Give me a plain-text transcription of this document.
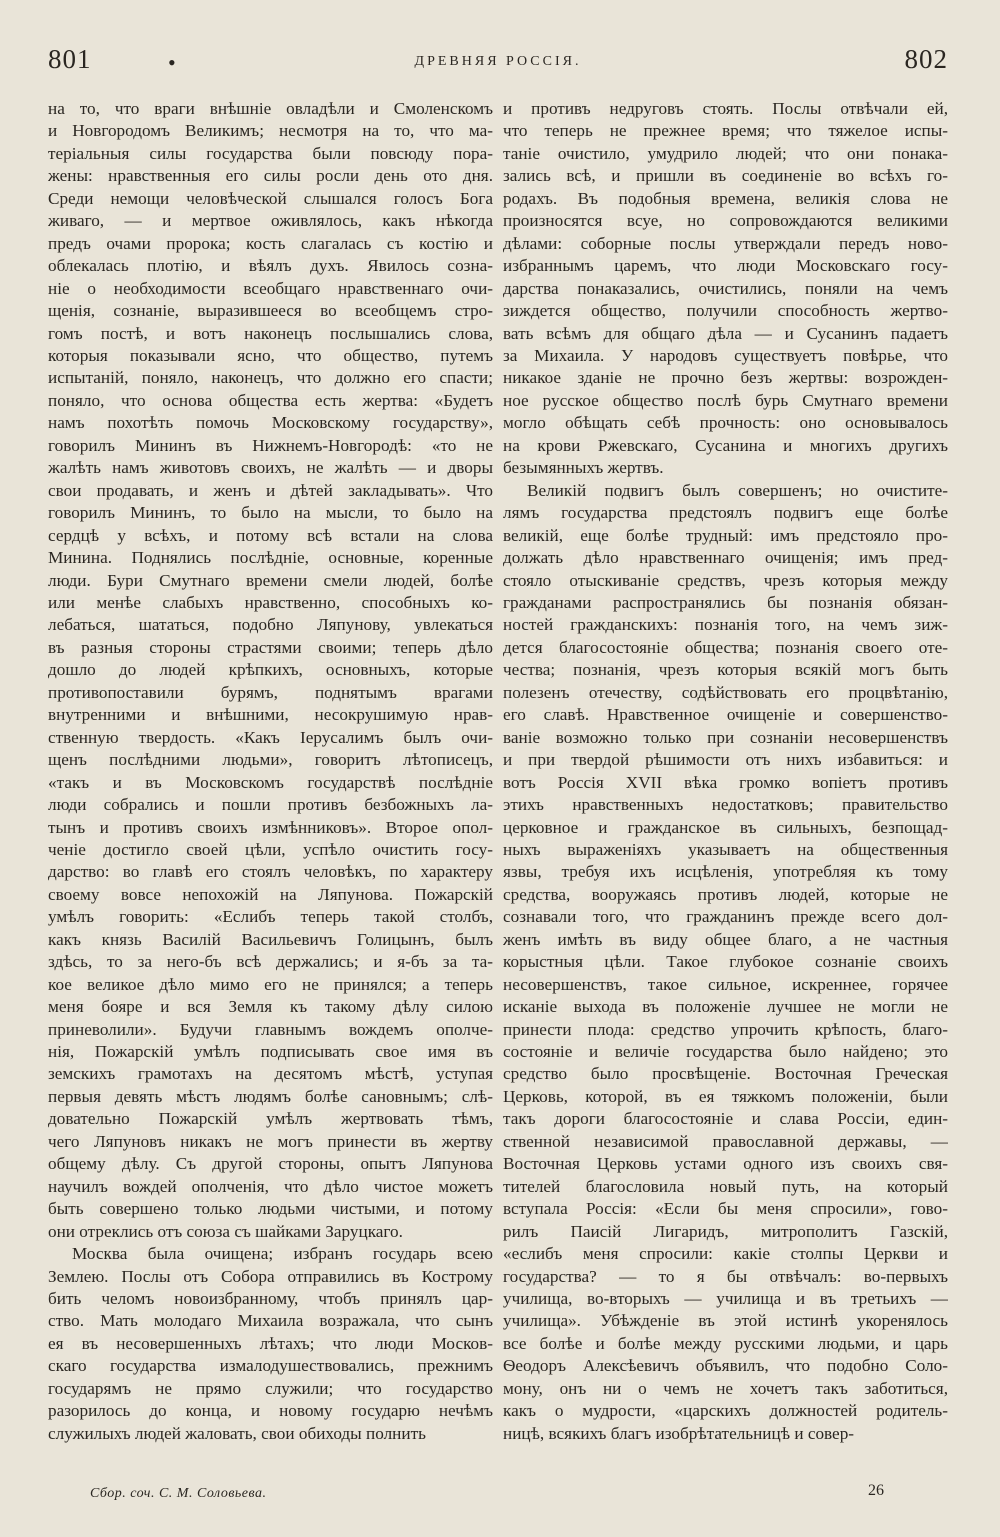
801	•	ДРЕВНЯЯ РОССІЯ.	802
на то, что враги внѣшніе овладѣли и Смоленскомъ
и Новгородомъ Великимъ; несмотря на то, что ма-
теріальныя силы государства были повсюду пора-
жены: нравственныя его силы росли день ото дня.
Среди немощи человѣческой слышался голосъ Бога
живаго, — и мертвое оживлялось, какъ нѣкогда
предъ очами пророка; кость слагалась съ костію и
облекалась плотію, и вѣялъ духъ. Явилось созна-
ніе о необходимости всеобщаго нравственнаго очи-
щенія, сознаніе, выразившееся во всеобщемъ стро-
гомъ постѣ, и вотъ наконецъ послышались слова,
которыя показывали ясно, что общество, путемъ
испытаній, поняло, наконецъ, что должно его спасти;
поняло, что основа общества есть жертва: «Будетъ
намъ похотѣть помочь Московскому государству»,
говорилъ Мининъ въ Нижнемъ-Новгородѣ: «то не
жалѣть намъ животовъ своихъ, не жалѣть — и дворы
свои продавать, и женъ и дѣтей закладывать». Что
говорилъ Мининъ, то было на мысли, то было на
сердцѣ у всѣхъ, и потому всѣ встали на слова
Минина. Поднялись послѣдніе, основные, коренные
люди. Бури Смутнаго времени смели людей, болѣе
или менѣе слабыхъ нравственно, способныхъ ко-
лебаться, шататься, подобно Ляпунову, увлекаться
въ разныя стороны страстями своими; теперь дѣло
дошло до людей крѣпкихъ, основныхъ, которые
противопоставили бурямъ, поднятымъ врагами
внутренними и внѣшними, несокрушимую нрав-
ственную твердость. «Какъ Іерусалимъ былъ очи-
щенъ послѣдними людьми», говоритъ лѣтописецъ,
«такъ и въ Московскомъ государствѣ послѣдніе
люди собрались и пошли противъ безбожныхъ ла-
тынъ и противъ своихъ измѣнниковъ». Второе опол-
ченіе достигло своей цѣли, успѣло очистить госу-
дарство: во главѣ его стоялъ человѣкъ, по характеру
своему вовсе непохожій на Ляпунова. Пожарскій
умѣлъ говорить: «Еслибъ теперь такой столбъ,
какъ князь Василій Васильевичъ Голицынъ, былъ
здѣсь, то за него-бъ всѣ держались; и я-бъ за та-
кое великое дѣло мимо его не принялся; а теперь
меня бояре и вся Земля къ такому дѣлу силою
приневолили». Будучи главнымъ вождемъ ополче-
нія, Пожарскій умѣлъ подписывать свое имя въ
земскихъ грамотахъ на десятомъ мѣстѣ, уступая
первыя девять мѣстъ людямъ болѣе сановнымъ; слѣ-
довательно Пожарскій умѣлъ жертвовать тѣмъ,
чего Ляпуновъ никакъ не могъ принести въ жертву
общему дѣлу. Съ другой стороны, опытъ Ляпунова
научилъ вождей ополченія, что дѣло чистое можетъ
быть совершено только людьми чистыми, и потому
они отреклись отъ союза съ шайками Заруцкаго.
Москва была очищена; избранъ государь всею
Землею. Послы отъ Собора отправились въ Кострому
бить челомъ новоизбранному, чтобъ принялъ цар-
ство. Мать молодаго Михаила возражала, что сынъ
ея въ несовершенныхъ лѣтахъ; что люди Москов-
скаго государства измалодушествовались, прежнимъ
государямъ не прямо служили; что государство
разорилось до конца, и новому государю нечѣмъ
служилыхъ людей жаловать, свои обиходы полнить
и противъ недруговъ стоять. Послы отвѣчали ей,
что теперь не прежнее время; что тяжелое испы-
таніе очистило, умудрило людей; что они понака-
зались всѣ, и пришли въ соединеніе во всѣхъ го-
родахъ. Въ подобныя времена, великія слова не
произносятся всуе, но сопровождаются великими
дѣлами: соборные послы утверждали передъ ново-
избраннымъ царемъ, что люди Московскаго госу-
дарства понаказались, очистились, поняли на чемъ
зиждется общество, получили способность жертво-
вать всѣмъ для общаго дѣла — и Сусанинъ падаетъ
за Михаила. У народовъ существуетъ повѣрье, что
никакое зданіе не прочно безъ жертвы: возрожден-
ное русское общество послѣ бурь Смутнаго времени
могло обѣщать себѣ прочность: оно основывалось
на крови Ржевскаго, Сусанина и многихъ другихъ
безымянныхъ жертвъ.
Великій подвигъ былъ совершенъ; но очистите-
лямъ государства предстоялъ подвигъ еще болѣе
великій, еще болѣе трудный: имъ предстояло про-
должать дѣло нравственнаго очищенія; имъ пред-
стояло отыскиваніе средствъ, чрезъ которыя между
гражданами распространялись бы познанія обязан-
ностей гражданскихъ: познанія того, на чемъ зиж-
дется благосостояніе общества; познанія своего оте-
чества; познанія, чрезъ которыя всякій могъ быть
полезенъ отечеству, содѣйствовать его процвѣтанію,
его славѣ. Нравственное очищеніе и совершенство-
ваніе возможно только при сознаніи несовершенствъ
и при твердой рѣшимости отъ нихъ избавиться: и
вотъ Россія XVII вѣка громко вопіетъ противъ
этихъ нравственныхъ недостатковъ; правительство
церковное и гражданское въ сильныхъ, безпощад-
ныхъ выраженіяхъ указываетъ на общественныя
язвы, требуя ихъ исцѣленія, употребляя къ тому
средства, вооружаясь противъ людей, которые не
сознавали того, что гражданинъ прежде всего дол-
женъ имѣть въ виду общее благо, а не частныя
корыстныя цѣли. Такое глубокое сознаніе своихъ
несовершенствъ, такое сильное, искреннее, горячее
исканіе выхода въ положеніе лучшее не могли не
принести плода: средство упрочить крѣпость, благо-
состояніе и величіе государства было найдено; это
средство было просвѣщеніе. Восточная Греческая
Церковь, которой, въ ея тяжкомъ положеніи, были
такъ дороги благосостояніе и слава Россіи, един-
ственной независимой православной державы, —
Восточная Церковь устами одного изъ своихъ свя-
тителей благословила новый путь, на который
вступала Россія: «Если бы меня спросили», гово-
рилъ Паисій Лигаридъ, митрополитъ Газскій,
«еслибъ меня спросили: какіе столпы Церкви и
государства? — то я бы отвѣчалъ: во-первыхъ
училища, во-вторыхъ — училища и въ третьихъ —
училища». Убѣжденіе въ этой истинѣ укоренялось
все болѣе и болѣе между русскими людьми, и царь
Ѳеодоръ Алексѣевичъ объявилъ, что подобно Соло-
мону, онъ ни о чемъ не хочетъ такъ заботиться,
какъ о мудрости, «царскихъ должностей родитель-
ницѣ, всякихъ благъ изобрѣтательницѣ и совер-
Сбор. соч. С. М. Соловьева.	26
